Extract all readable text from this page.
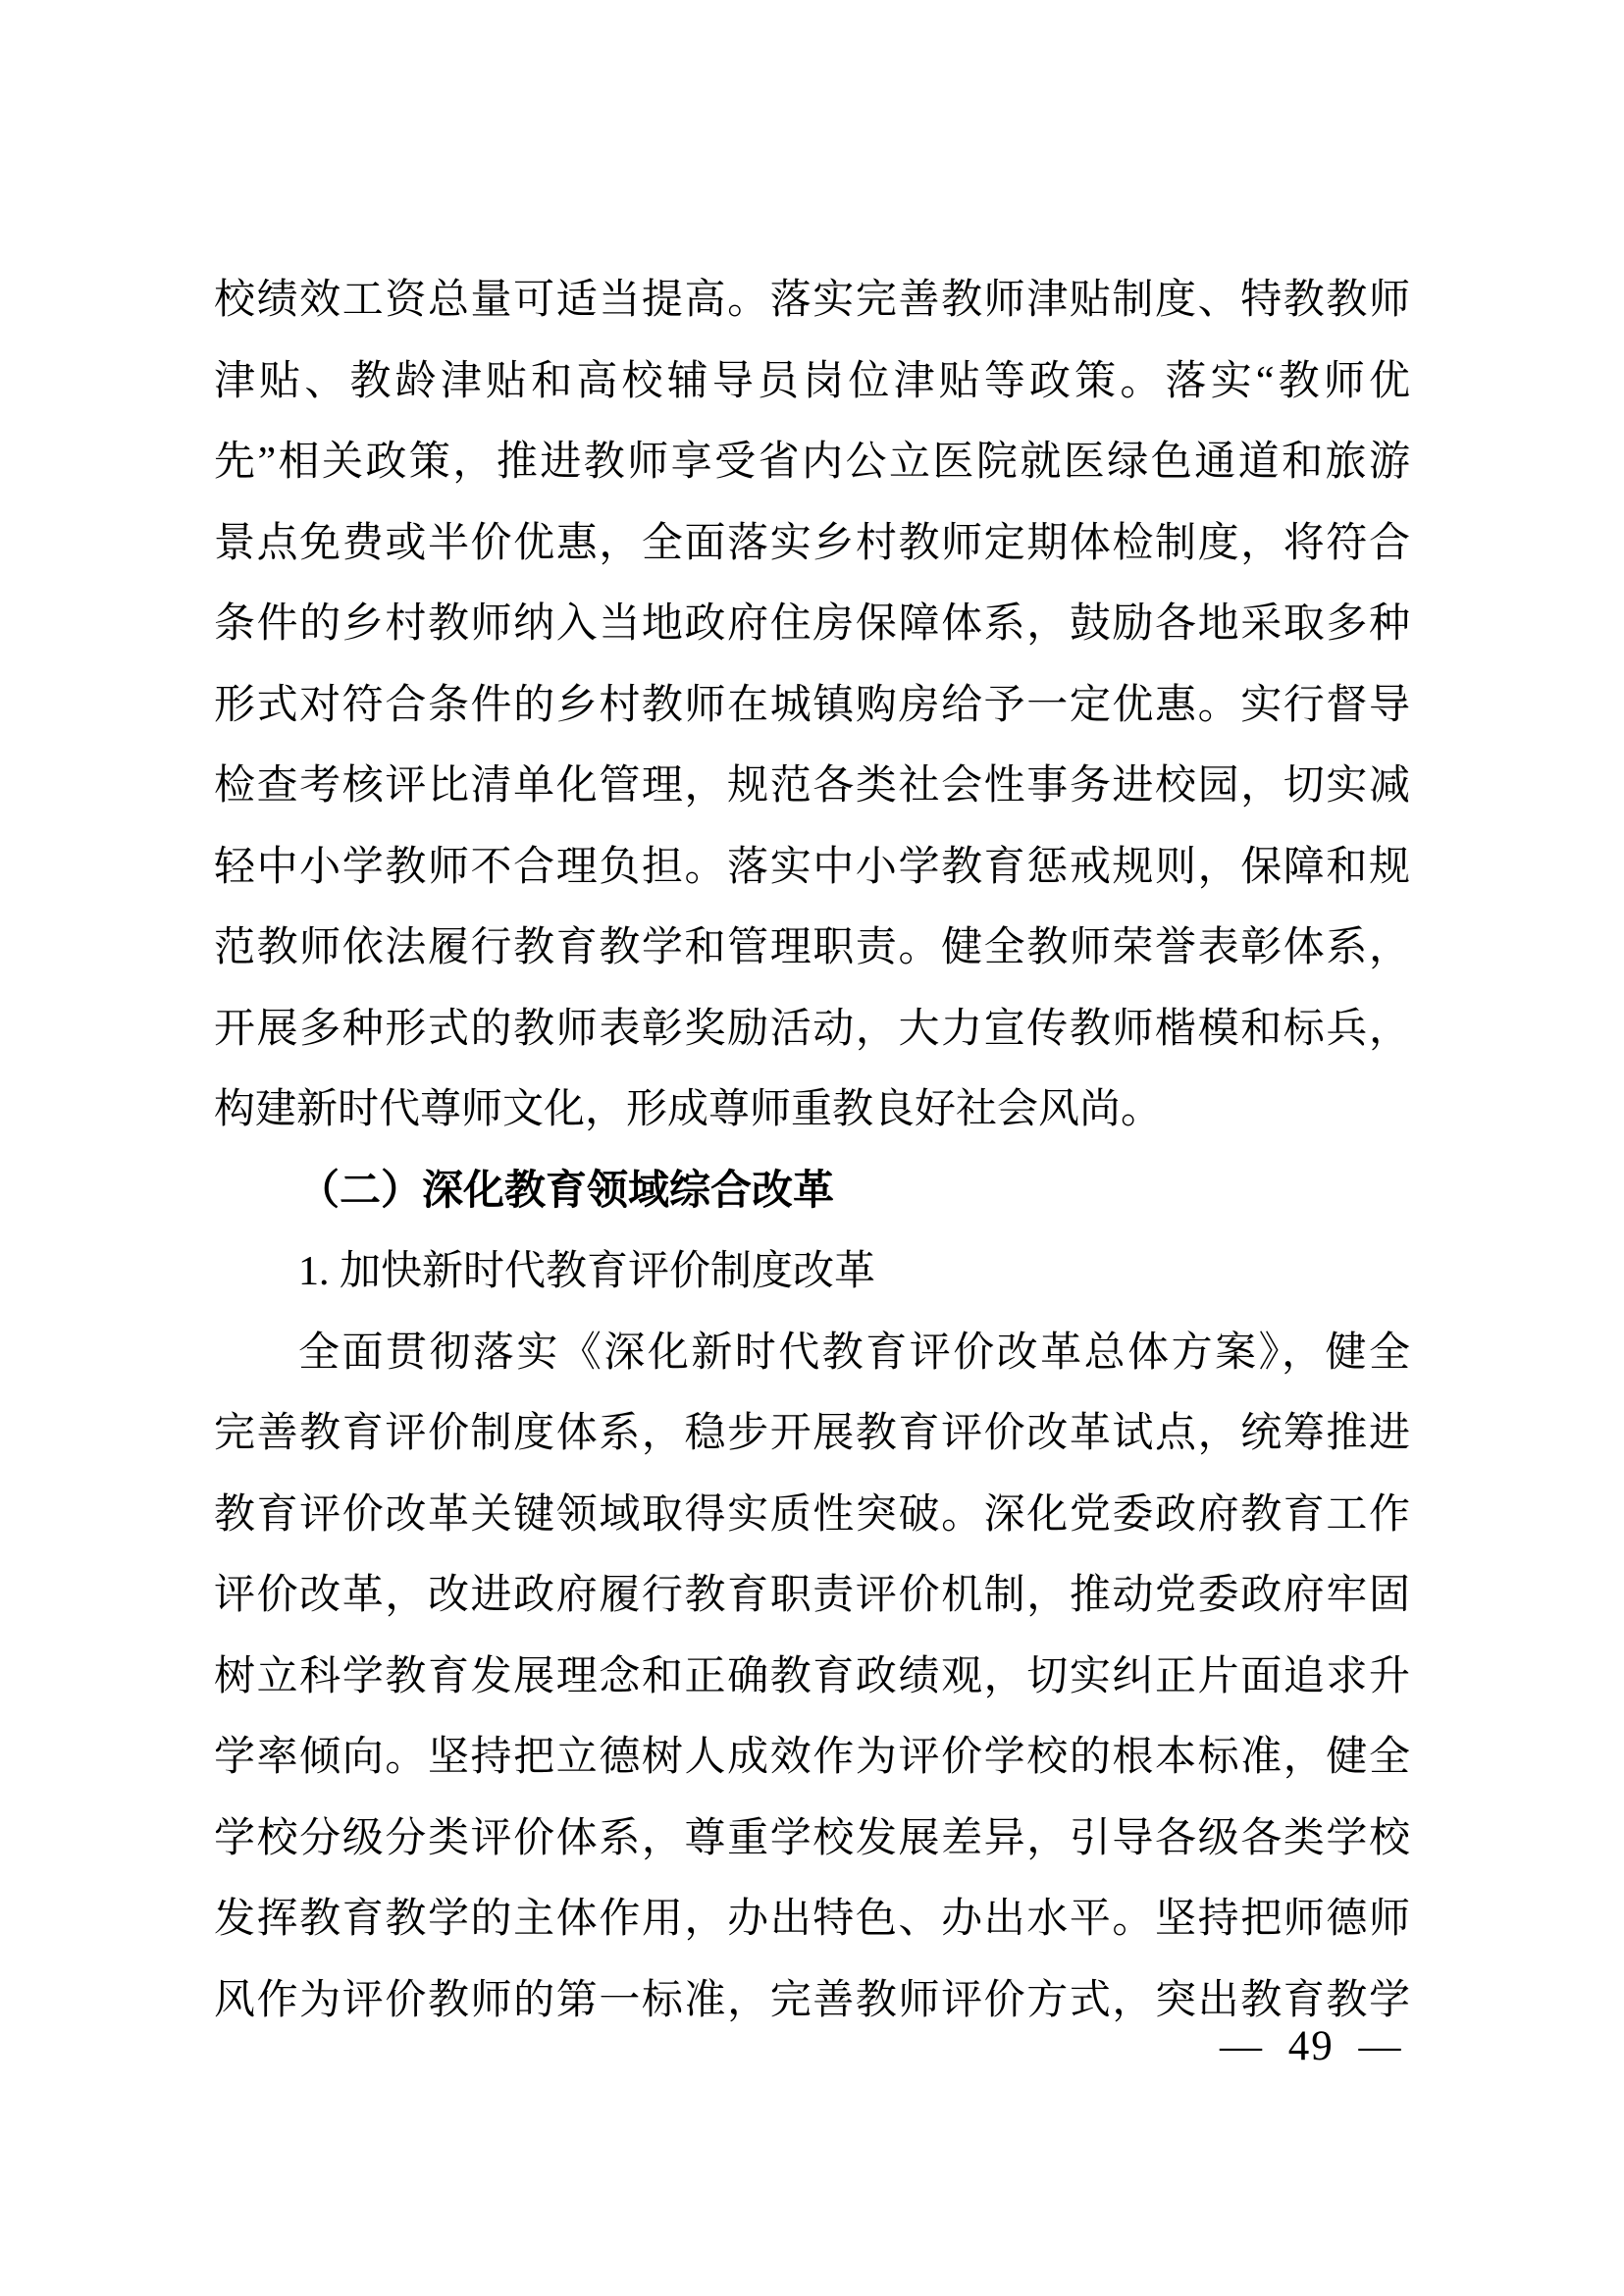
校绩效工资总量可适当提高。落实完善教师津贴制度、特教教师
津贴、教龄津贴和高校辅导员岗位津贴等政策。落实“教师优
先”相关政策，推进教师享受省内公立医院就医绿色通道和旅游
景点免费或半价优惠，全面落实乡村教师定期体检制度，将符合
条件的乡村教师纳入当地政府住房保障体系，鼓励各地采取多种
形式对符合条件的乡村教师在城镇购房给予一定优惠。实行督导
检查考核评比清单化管理，规范各类社会性事务进校园，切实减
轻中小学教师不合理负担。落实中小学教育惩戒规则，保障和规
范教师依法履行教育教学和管理职责。健全教师荣誉表彰体系，
开展多种形式的教师表彰奖励活动，大力宣传教师楷模和标兵，
构建新时代尊师文化，形成尊师重教良好社会风尚。
（二）深化教育领域综合改革
1. 加快新时代教育评价制度改革
全面贯彻落实《深化新时代教育评价改革总体方案》，健全
完善教育评价制度体系，稳步开展教育评价改革试点，统筹推进
教育评价改革关键领域取得实质性突破。深化党委政府教育工作
评价改革，改进政府履行教育职责评价机制，推动党委政府牢固
树立科学教育发展理念和正确教育政绩观，切实纠正片面追求升
学率倾向。坚持把立德树人成效作为评价学校的根本标准，健全
学校分级分类评价体系，尊重学校发展差异，引导各级各类学校
发挥教育教学的主体作用，办出特色、办出水平。坚持把师德师
风作为评价教师的第一标准，完善教师评价方式，突出教育教学
— 49 —
